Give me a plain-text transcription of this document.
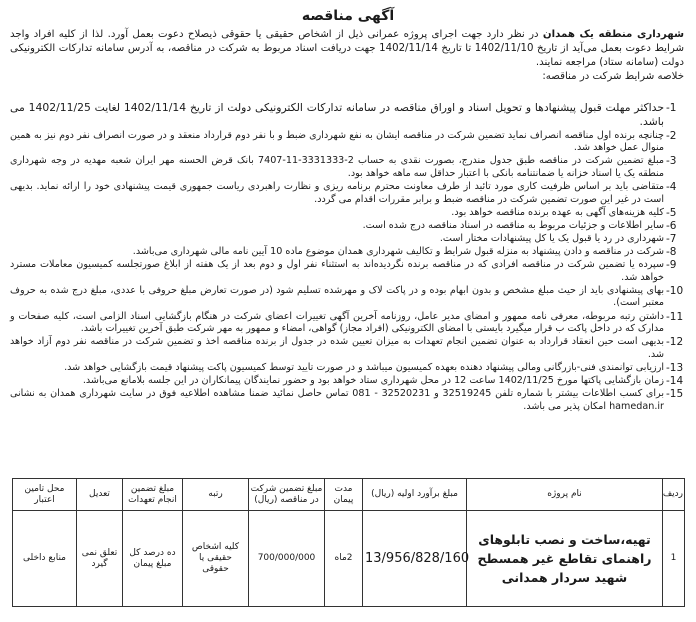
آگهی مناقصه
شهرداری منطقه یک همدان در نظر دارد جهت اجرای پروژه عمرانی ذیل از اشخاص حقیقی یا حقوقی ذیصلاح دعوت بعمل آورد. لذا از کلیه افراد واجد شرایط دعوت بعمل می‌آید از تاریخ 1402/11/10 تا تاریخ 1402/11/14 جهت دریافت اسناد مربوط به شرکت در مناقصه، به آدرس سامانه تدارکات الکترونیکی دولت (سامانه ستاد) مراجعه نمایند.
خلاصه شرایط شرکت در مناقصه:
1-
حداکثر مهلت قبول پیشنهادها و تحویل اسناد و اوراق مناقصه در سامانه تدارکات الکترونیکی دولت از تاریخ 1402/11/14 لغایت 1402/11/25 می باشد.
2-
چنانچه برنده اول مناقصه انصراف نماید تضمین شرکت در مناقصه ایشان به نفع شهرداری ضبط و با نفر دوم قرارداد منعقد و در صورت انصراف نفر دوم نیز به همین منوال عمل خواهد شد.
3-
مبلغ تضمین شرکت در مناقصه طبق جدول مندرج، بصورت نقدی به حساب 2-3331333-11-7407 بانک قرض الحسنه مهر ایران شعبه مهدیه در وجه شهرداری منطقه یک یا اسناد خزانه یا ضمانتنامه بانکی با اعتبار حداقل سه ماهه خواهد بود.
4-
متقاضی باید بر اساس ظرفیت کاری مورد تائید از طرف معاونت محترم برنامه ریزی و نظارت راهبردی ریاست جمهوری قیمت پیشنهادی خود را ارائه نماید. بدیهی است در غیر این صورت تضمین شرکت در مناقصه ضبط و برابر مقررات اقدام می گردد.
5-
کلیه هزینه‌های آگهی به عهده برنده مناقصه خواهد بود.
6-
سایر اطلاعات و جزئیات مربوط به مناقصه در اسناد مناقصه درج شده است.
7-
شهرداری در رد یا قبول یک یا کل پیشنهادات مختار است.
8-
شرکت در مناقصه و دادن پیشنهاد به منزله قبول شرایط و تکالیف شهرداری همدان موضوع ماده 10 آیین نامه مالی شهرداری می‌باشد.
9-
سپرده یا تضمین شرکت در مناقصه افرادی که در مناقصه برنده نگردیده‌اند به استثناء نفر اول و دوم بعد از یک هفته از ابلاغ صورتجلسه کمیسیون معاملات مسترد خواهد شد.
10-
بهای پیشنهادی باید از حیث مبلغ مشخص و بدون ابهام بوده و در پاکت لاک و مهرشده تسلیم شود (در صورت تعارض مبلغ حروفی با عددی، مبلغ درج شده به حروف معتبر است).
11-
داشتن رتبه مربوطه، معرفی نامه ممهور و امضای مدیر عامل، روزنامه آخرین آگهی تغییرات اعضای شرکت در هنگام بازگشایی اسناد الزامی است، کلیه صفحات و مدارک که در داخل پاکت ب قرار میگیرد بایستی با امضای الکترونیکی (افراد مجاز) گواهی، امضاء و ممهور به مهر شرکت طبق آخرین تغییرات باشد.
12-
بدیهی است حین انعقاد قرارداد به عنوان تضمین انجام تعهدات به میزان تعیین شده در جدول از برنده مناقصه اخذ و تضمین شرکت در مناقصه نفر دوم آزاد خواهد شد.
13-
ارزیابی توانمندی فنی-بازرگانی ومالی پیشنهاد دهنده بعهده کمیسیون میباشد و در صورت تایید توسط کمیسیون پاکت پیشنهاد قیمت بازگشایی خواهد شد.
14-
زمان بازگشایی پاکتها مورخ 1402/11/25 ساعت 12 در محل شهرداری ستاد خواهد بود و حضور نمایندگان پیمانکاران در این جلسه بلامانع می‌باشد.
15-
برای کسب اطلاعات بیشتر با شماره تلفن 32519245 و 32520231 - 081 تماس حاصل نمائید ضمنا مشاهده اطلاعیه فوق در سایت شهرداری همدان به نشانی hamedan.ir امکان پذیر می باشد.
ردیف	نام پروژه	مبلغ برآورد اولیه (ریال)	مدت پیمان	مبلغ تضمین شرکت در مناقصه (ریال)	رتبه	مبلغ تضمین انجام تعهدات	تعدیل	محل تامین اعتبار
1	تهیه،ساخت و نصب تابلوهای راهنمای تقاطع غیر همسطح شهید سردار همدانی	13/956/828/160	2ماه	700/000/000	کلیه اشخاص حقیقی یا حقوقی	ده درصد کل مبلغ پیمان	تعلق نمی گیرد	منابع داخلی
